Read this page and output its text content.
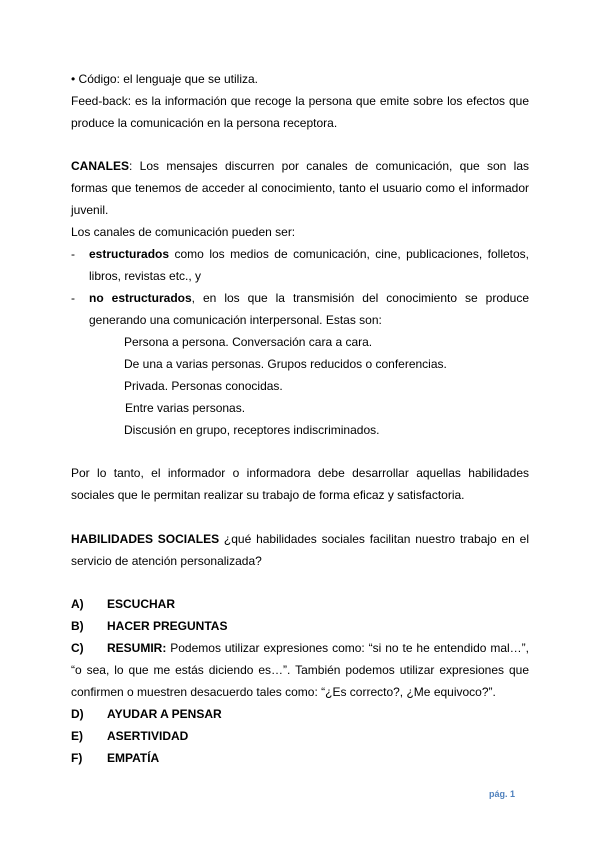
• Código: el lenguaje que se utiliza.
Feed-back: es la información que recoge la persona que emite sobre los efectos que
produce la comunicación en la persona receptora.
CANALES: Los mensajes discurren por canales de comunicación, que son las
formas que tenemos de acceder al conocimiento, tanto el usuario como el informador
juvenil.
Los canales de comunicación pueden ser:
- estructurados como los medios de comunicación, cine, publicaciones, folletos,
libros, revistas etc., y
- no estructurados, en los que la transmisión del conocimiento se produce
generando una comunicación interpersonal. Estas son:
Persona a persona. Conversación cara a cara.
De una a varias personas. Grupos reducidos o conferencias.
Privada. Personas conocidas.
Entre varias personas.
Discusión en grupo, receptores indiscriminados.
Por lo tanto, el informador o informadora debe desarrollar aquellas habilidades
sociales que le permitan realizar su trabajo de forma eficaz y satisfactoria.
HABILIDADES SOCIALES ¿qué habilidades sociales facilitan nuestro trabajo en el
servicio de atención personalizada?
A) ESCUCHAR
B) HACER PREGUNTAS
C) RESUMIR: Podemos utilizar expresiones como: “si no te he entendido mal…”,
“o sea, lo que me estás diciendo es…”. También podemos utilizar expresiones que
confirmen o muestren desacuerdo tales como: “¿Es correcto?, ¿Me equivoco?”.
D) AYUDAR A PENSAR
E) ASERTIVIDAD
F) EMPATÍA
pág. 1
